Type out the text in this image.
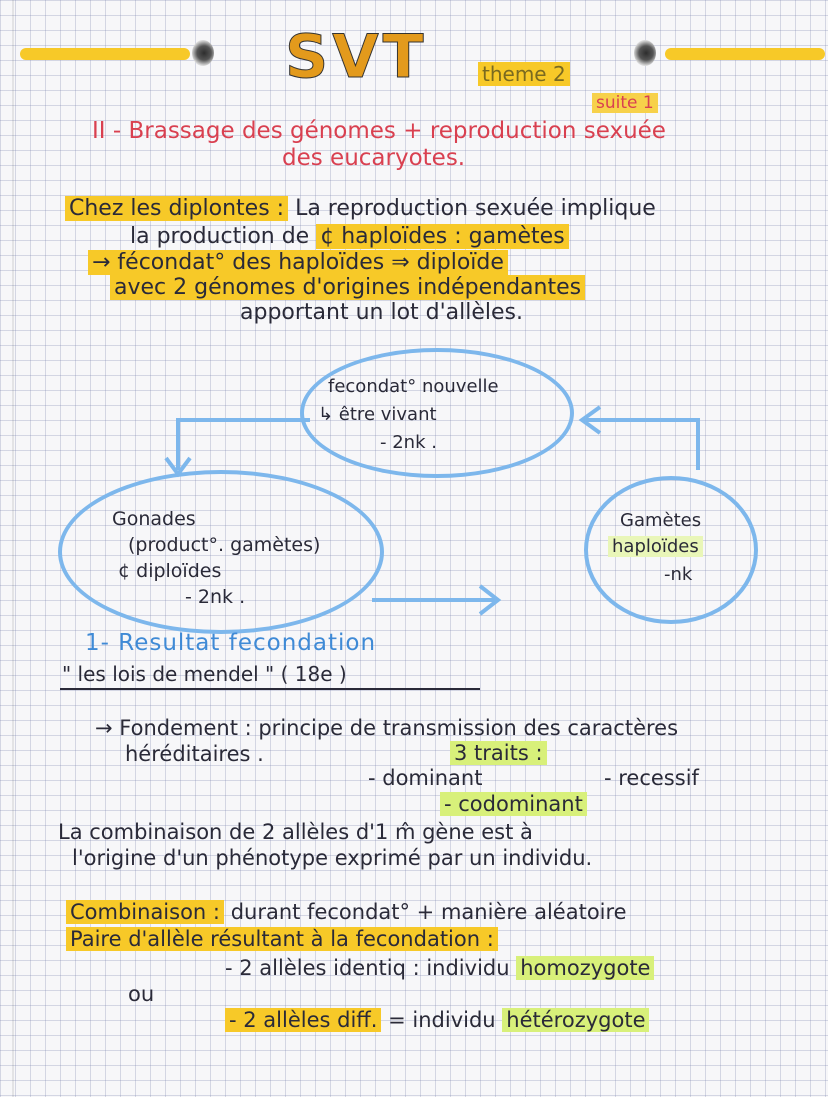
SVT	theme 2
suite 1
II - Brassage des génomes + reproduction sexuée
des eucaryotes.
Chez les diplontes : La reproduction sexuée implique
la production de ¢ haploïdes : gamètes
→ fécondat° des haploïdes ⇒ diploïde
avec 2 génomes d'origines indépendantes
apportant un lot d'allèles.
fecondat° nouvelle
↳ être vivant
- 2nk .
Gonades
(product°. gamètes)
¢ diploïdes
- 2nk .
Gamètes
haploïdes
-nk
1- Resultat fecondation
" les lois de mendel " ( 18e )
→ Fondement : principe de transmission des caractères
héréditaires .	3 traits :
- dominant	- recessif
- codominant
La combinaison de 2 allèles d'1 m̂ gène est à
l'origine d'un phénotype exprimé par un individu.
Combinaison : durant fecondat° + manière aléatoire
Paire d'allèle résultant à la fecondation :
- 2 allèles identiq : individu homozygote
ou
- 2 allèles diff. = individu hétérozygote
